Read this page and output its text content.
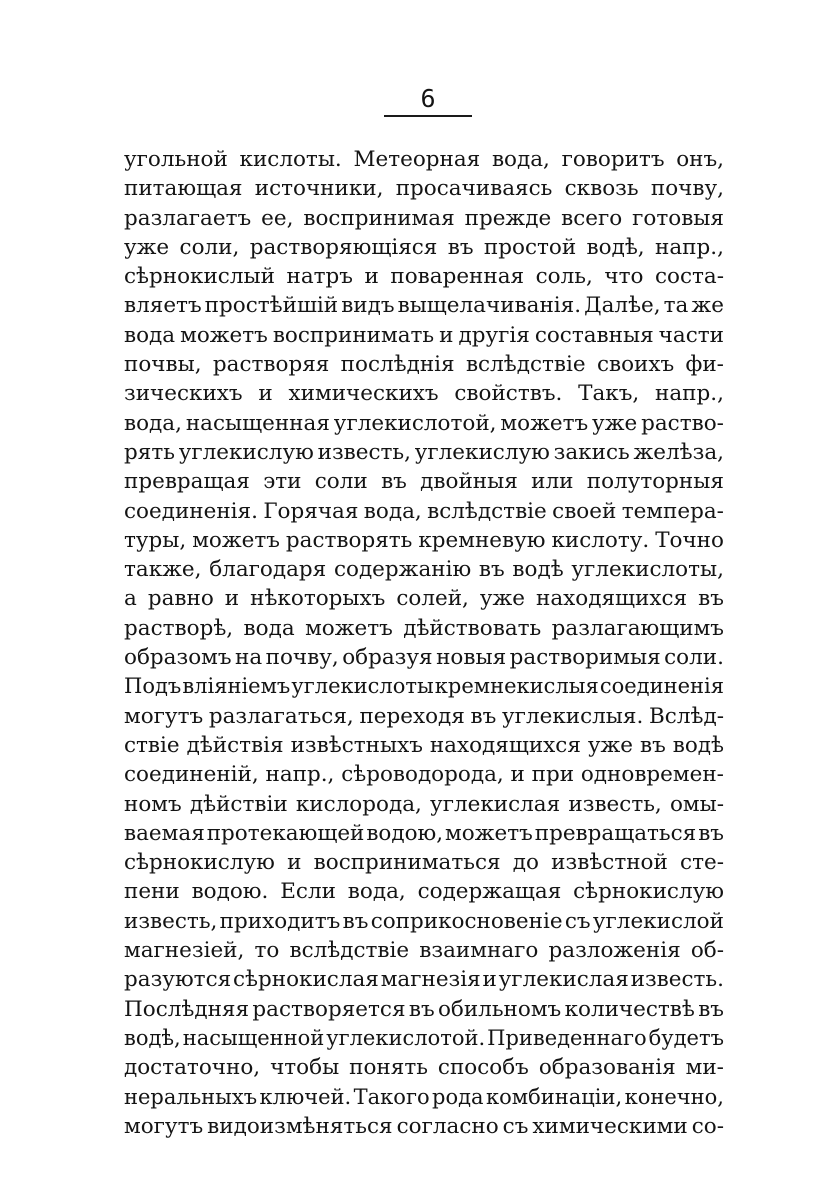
6
угольной кислоты. Метеорная вода, говоритъ онъ,
питающая источники, просачиваясь сквозь почву,
разлагаетъ ее, воспринимая прежде всего готовыя
уже соли, растворяющіяся въ простой водѣ, напр.,
сѣрнокислый натръ и поваренная соль, что соста-
вляетъ простѣйшій видъ выщелачиванія. Далѣе, та же
вода можетъ воспринимать и другія составныя части
почвы, растворяя послѣднія вслѣдствіе своихъ фи-
зическихъ и химическихъ свойствъ. Такъ, напр.,
вода, насыщенная углекислотой, можетъ уже раство-
рять углекислую известь, углекислую закись желѣза,
превращая эти соли въ двойныя или полуторныя
соединенія. Горячая вода, вслѣдствіе своей темпера-
туры, можетъ растворять кремневую кислоту. Точно
также, благодаря содержанію въ водѣ углекислоты,
а равно и нѣкоторыхъ солей, уже находящихся въ
растворѣ, вода можетъ дѣйствовать разлагающимъ
образомъ на почву, образуя новыя растворимыя соли.
Подъ вліяніемъ углекислоты кремнекислыя соединенія
могутъ разлагаться, переходя въ углекислыя. Вслѣд-
ствіе дѣйствія извѣстныхъ находящихся уже въ водѣ
соединеній, напр., сѣроводорода, и при одновремен-
номъ дѣйствіи кислорода, углекислая известь, омы-
ваемая протекающей водою, можетъ превращаться въ
сѣрнокислую и восприниматься до извѣстной сте-
пени водою. Если вода, содержащая сѣрнокислую
известь, приходитъ въ соприкосновеніе съ углекислой
магнезіей, то вслѣдствіе взаимнаго разложенія об-
разуются сѣрнокислая магнезія и углекислая известь.
Послѣдняя растворяется въ обильномъ количествѣ въ
водѣ, насыщенной углекислотой. Приведеннаго будетъ
достаточно, чтобы понять способъ образованія ми-
неральныхъ ключей. Такого рода комбинаціи, конечно,
могутъ видоизмѣняться согласно съ химическими со-
